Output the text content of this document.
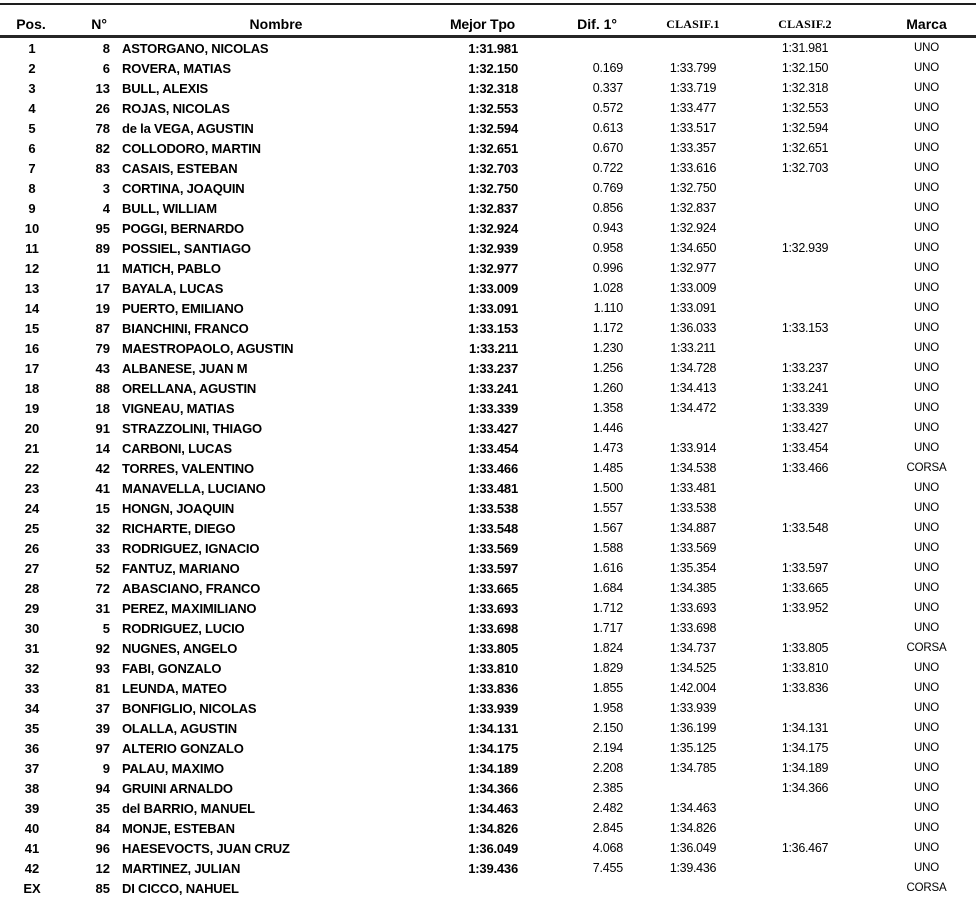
Pos.	N°	Nombre	Mejor Tpo	Dif. 1°	CLASIF.1	CLASIF.2	Marca
1	8	ASTORGANO, NICOLAS	1:31.981			1:31.981	UNO
2	6	ROVERA, MATIAS	1:32.150	0.169	1:33.799	1:32.150	UNO
3	13	BULL, ALEXIS	1:32.318	0.337	1:33.719	1:32.318	UNO
4	26	ROJAS, NICOLAS	1:32.553	0.572	1:33.477	1:32.553	UNO
5	78	de la VEGA, AGUSTIN	1:32.594	0.613	1:33.517	1:32.594	UNO
6	82	COLLODORO, MARTIN	1:32.651	0.670	1:33.357	1:32.651	UNO
7	83	CASAIS, ESTEBAN	1:32.703	0.722	1:33.616	1:32.703	UNO
8	3	CORTINA, JOAQUIN	1:32.750	0.769	1:32.750		UNO
9	4	BULL, WILLIAM	1:32.837	0.856	1:32.837		UNO
10	95	POGGI, BERNARDO	1:32.924	0.943	1:32.924		UNO
11	89	POSSIEL, SANTIAGO	1:32.939	0.958	1:34.650	1:32.939	UNO
12	11	MATICH, PABLO	1:32.977	0.996	1:32.977		UNO
13	17	BAYALA, LUCAS	1:33.009	1.028	1:33.009		UNO
14	19	PUERTO, EMILIANO	1:33.091	1.110	1:33.091		UNO
15	87	BIANCHINI, FRANCO	1:33.153	1.172	1:36.033	1:33.153	UNO
16	79	MAESTROPAOLO, AGUSTIN	1:33.211	1.230	1:33.211		UNO
17	43	ALBANESE, JUAN M	1:33.237	1.256	1:34.728	1:33.237	UNO
18	88	ORELLANA, AGUSTIN	1:33.241	1.260	1:34.413	1:33.241	UNO
19	18	VIGNEAU, MATIAS	1:33.339	1.358	1:34.472	1:33.339	UNO
20	91	STRAZZOLINI, THIAGO	1:33.427	1.446		1:33.427	UNO
21	14	CARBONI, LUCAS	1:33.454	1.473	1:33.914	1:33.454	UNO
22	42	TORRES, VALENTINO	1:33.466	1.485	1:34.538	1:33.466	CORSA
23	41	MANAVELLA, LUCIANO	1:33.481	1.500	1:33.481		UNO
24	15	HONGN, JOAQUIN	1:33.538	1.557	1:33.538		UNO
25	32	RICHARTE, DIEGO	1:33.548	1.567	1:34.887	1:33.548	UNO
26	33	RODRIGUEZ, IGNACIO	1:33.569	1.588	1:33.569		UNO
27	52	FANTUZ, MARIANO	1:33.597	1.616	1:35.354	1:33.597	UNO
28	72	ABASCIANO, FRANCO	1:33.665	1.684	1:34.385	1:33.665	UNO
29	31	PEREZ, MAXIMILIANO	1:33.693	1.712	1:33.693	1:33.952	UNO
30	5	RODRIGUEZ, LUCIO	1:33.698	1.717	1:33.698		UNO
31	92	NUGNES, ANGELO	1:33.805	1.824	1:34.737	1:33.805	CORSA
32	93	FABI, GONZALO	1:33.810	1.829	1:34.525	1:33.810	UNO
33	81	LEUNDA, MATEO	1:33.836	1.855	1:42.004	1:33.836	UNO
34	37	BONFIGLIO, NICOLAS	1:33.939	1.958	1:33.939		UNO
35	39	OLALLA, AGUSTIN	1:34.131	2.150	1:36.199	1:34.131	UNO
36	97	ALTERIO GONZALO	1:34.175	2.194	1:35.125	1:34.175	UNO
37	9	PALAU, MAXIMO	1:34.189	2.208	1:34.785	1:34.189	UNO
38	94	GRUINI ARNALDO	1:34.366	2.385		1:34.366	UNO
39	35	del BARRIO, MANUEL	1:34.463	2.482	1:34.463		UNO
40	84	MONJE, ESTEBAN	1:34.826	2.845	1:34.826		UNO
41	96	HAESEVOCTS, JUAN CRUZ	1:36.049	4.068	1:36.049	1:36.467	UNO
42	12	MARTINEZ, JULIAN	1:39.436	7.455	1:39.436		UNO
EX	85	DI CICCO, NAHUEL					CORSA
